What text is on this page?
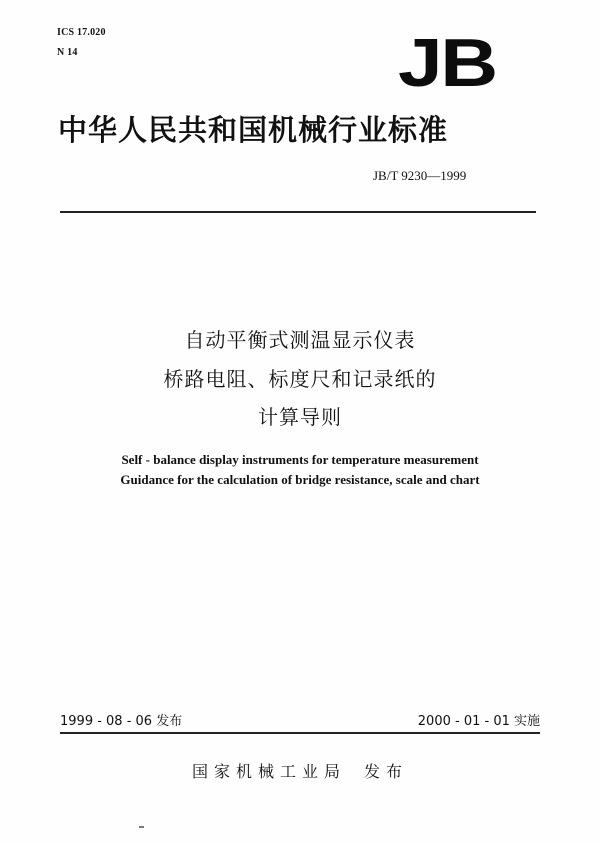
ICS 17.020
N 14	JB
中华人民共和国机械行业标准
JB/T 9230—1999
自动平衡式测温显示仪表
桥路电阻、标度尺和记录纸的
计算导则
Self - balance display instruments for temperature measurement
Guidance for the calculation of bridge resistance, scale and chart
1999 - 08 - 06 发布	2000 - 01 - 01 实施
国家机械工业局 发布
